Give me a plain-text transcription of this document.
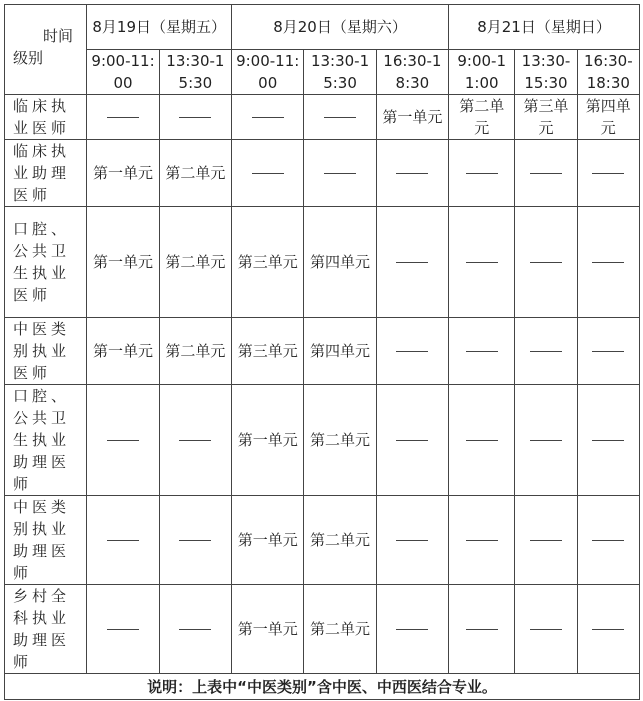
时间
级别	8月19日（星期五）		8月20日（星期六）			8月21日（星期日）		
	9:00-11:00	13:30-15:30	9:00-11:00	13:30-15:30	16:30-18:30	9:00-11:00	13:30-15:30	16:30-18:30
临床执业医师					第一单元	第二单元	第三单元	第四单元
临床执业助理医师	第一单元	第二单元						
口腔、公共卫生执业医师	第一单元	第二单元	第三单元	第四单元				
中医类别执业医师	第一单元	第二单元	第三单元	第四单元				
口腔、公共卫生执业助理医师			第一单元	第二单元				
中医类别执业助理医师			第一单元	第二单元				
乡村全科执业助理医师			第一单元	第二单元				
说明：上表中“中医类别”含中医、中西医结合专业。								
